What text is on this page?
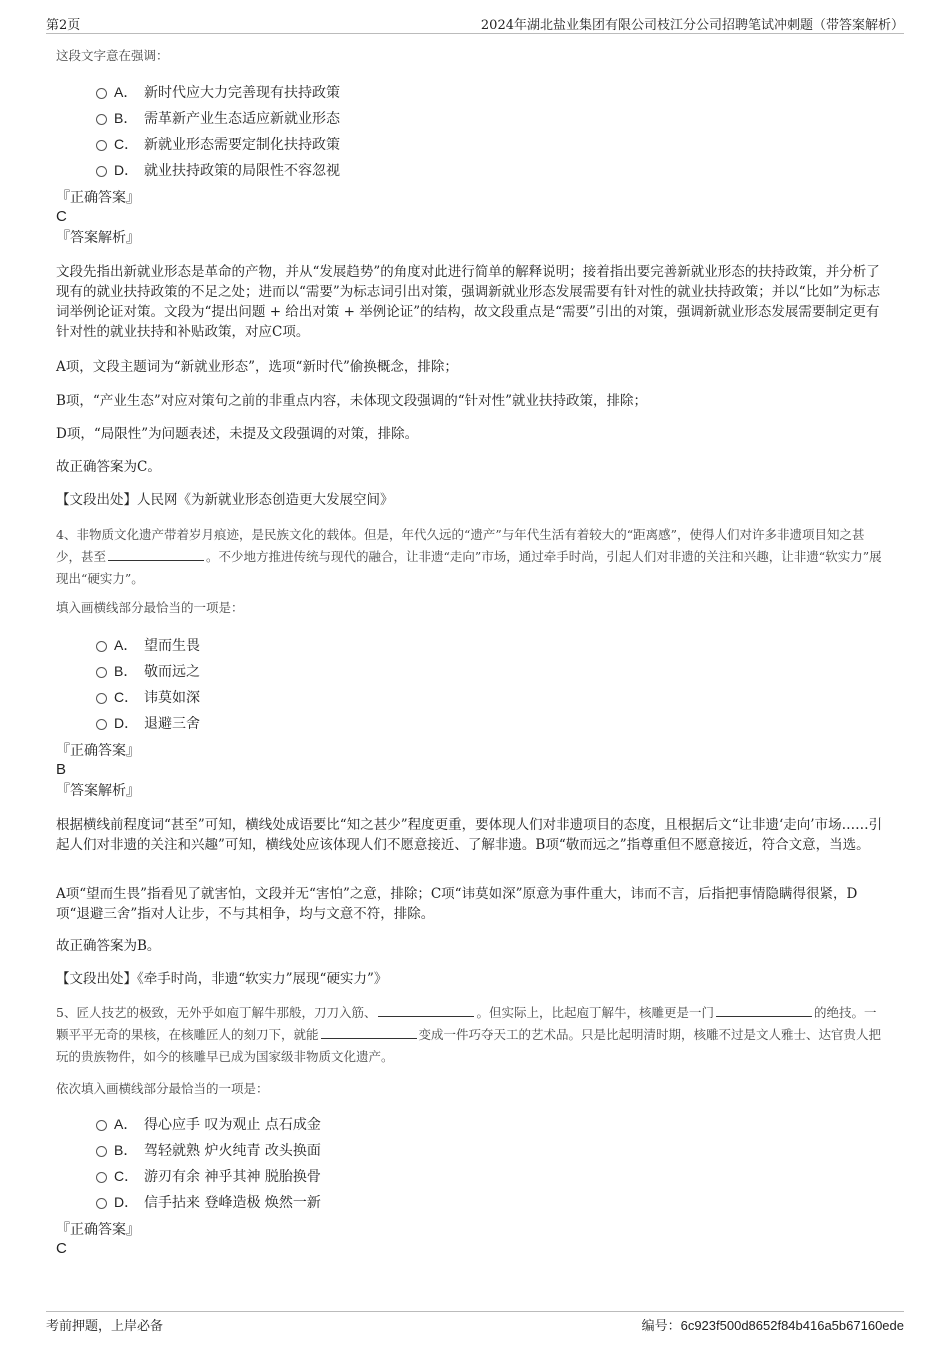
第2页	2024年湖北盐业集团有限公司枝江分公司招聘笔试冲刺题（带答案解析）
这段文字意在强调：
A． 新时代应大力完善现有扶持政策
B． 需革新产业生态适应新就业形态
C． 新就业形态需要定制化扶持政策
D． 就业扶持政策的局限性不容忽视
『正确答案』
C
『答案解析』
文段先指出新就业形态是革命的产物，并从“发展趋势”的角度对此进行简单的解释说明；接着指出要完善新就业形态的扶持政策，并分析了现有的就业扶持政策的不足之处；进而以“需要”为标志词引出对策，强调新就业形态发展需要有针对性的就业扶持政策；并以“比如”为标志词举例论证对策。文段为“提出问题 + 给出对策 + 举例论证”的结构，故文段重点是“需要”引出的对策，强调新就业形态发展需要制定更有针对性的就业扶持和补贴政策，对应C项。
A项，文段主题词为“新就业形态”，选项“新时代”偷换概念，排除；
B项，“产业生态”对应对策句之前的非重点内容，未体现文段强调的“针对性”就业扶持政策，排除；
D项，“局限性”为问题表述，未提及文段强调的对策，排除。
故正确答案为C。
【文段出处】人民网《为新就业形态创造更大发展空间》
4、非物质文化遗产带着岁月痕迹，是民族文化的载体。但是，年代久远的“遗产”与年代生活有着较大的“距离感”，使得人们对许多非遗项目知之甚少，甚至	。不少地方推进传统与现代的融合，让非遗“走向”市场，通过牵手时尚，引起人们对非遗的关注和兴趣，让非遗“软实力”展现出“硬实力”。
填入画横线部分最恰当的一项是：
A． 望而生畏
B． 敬而远之
C． 讳莫如深
D． 退避三舍
『正确答案』
B
『答案解析』
根据横线前程度词“甚至”可知，横线处成语要比“知之甚少”程度更重，要体现人们对非遗项目的态度，且根据后文“让非遗‘走向’市场……引起人们对非遗的关注和兴趣”可知，横线处应该体现人们不愿意接近、了解非遗。B项“敬而远之”指尊重但不愿意接近，符合文意，当选。
A项“望而生畏”指看见了就害怕，文段并无“害怕”之意，排除；C项“讳莫如深”原意为事件重大，讳而不言，后指把事情隐瞒得很紧，D项“退避三舍”指对人让步，不与其相争，均与文意不符，排除。
故正确答案为B。
【文段出处】《牵手时尚，非遗“软实力”展现“硬实力”》
5、匠人技艺的极致，无外乎如庖丁解牛那般，刀刀入筋、	。但实际上，比起庖丁解牛，核雕更是一门	的绝技。一颗平平无奇的果核，在核雕匠人的刻刀下，就能	变成一件巧夺天工的艺术品。只是比起明清时期，核雕不过是文人雅士、达官贵人把玩的贵族物件，如今的核雕早已成为国家级非物质文化遗产。
依次填入画横线部分最恰当的一项是：
A． 得心应手 叹为观止 点石成金
B． 驾轻就熟 炉火纯青 改头换面
C． 游刃有余 神乎其神 脱胎换骨
D． 信手拈来 登峰造极 焕然一新
『正确答案』
C
考前押题，上岸必备	编号：6c923f500d8652f84b416a5b67160ede
